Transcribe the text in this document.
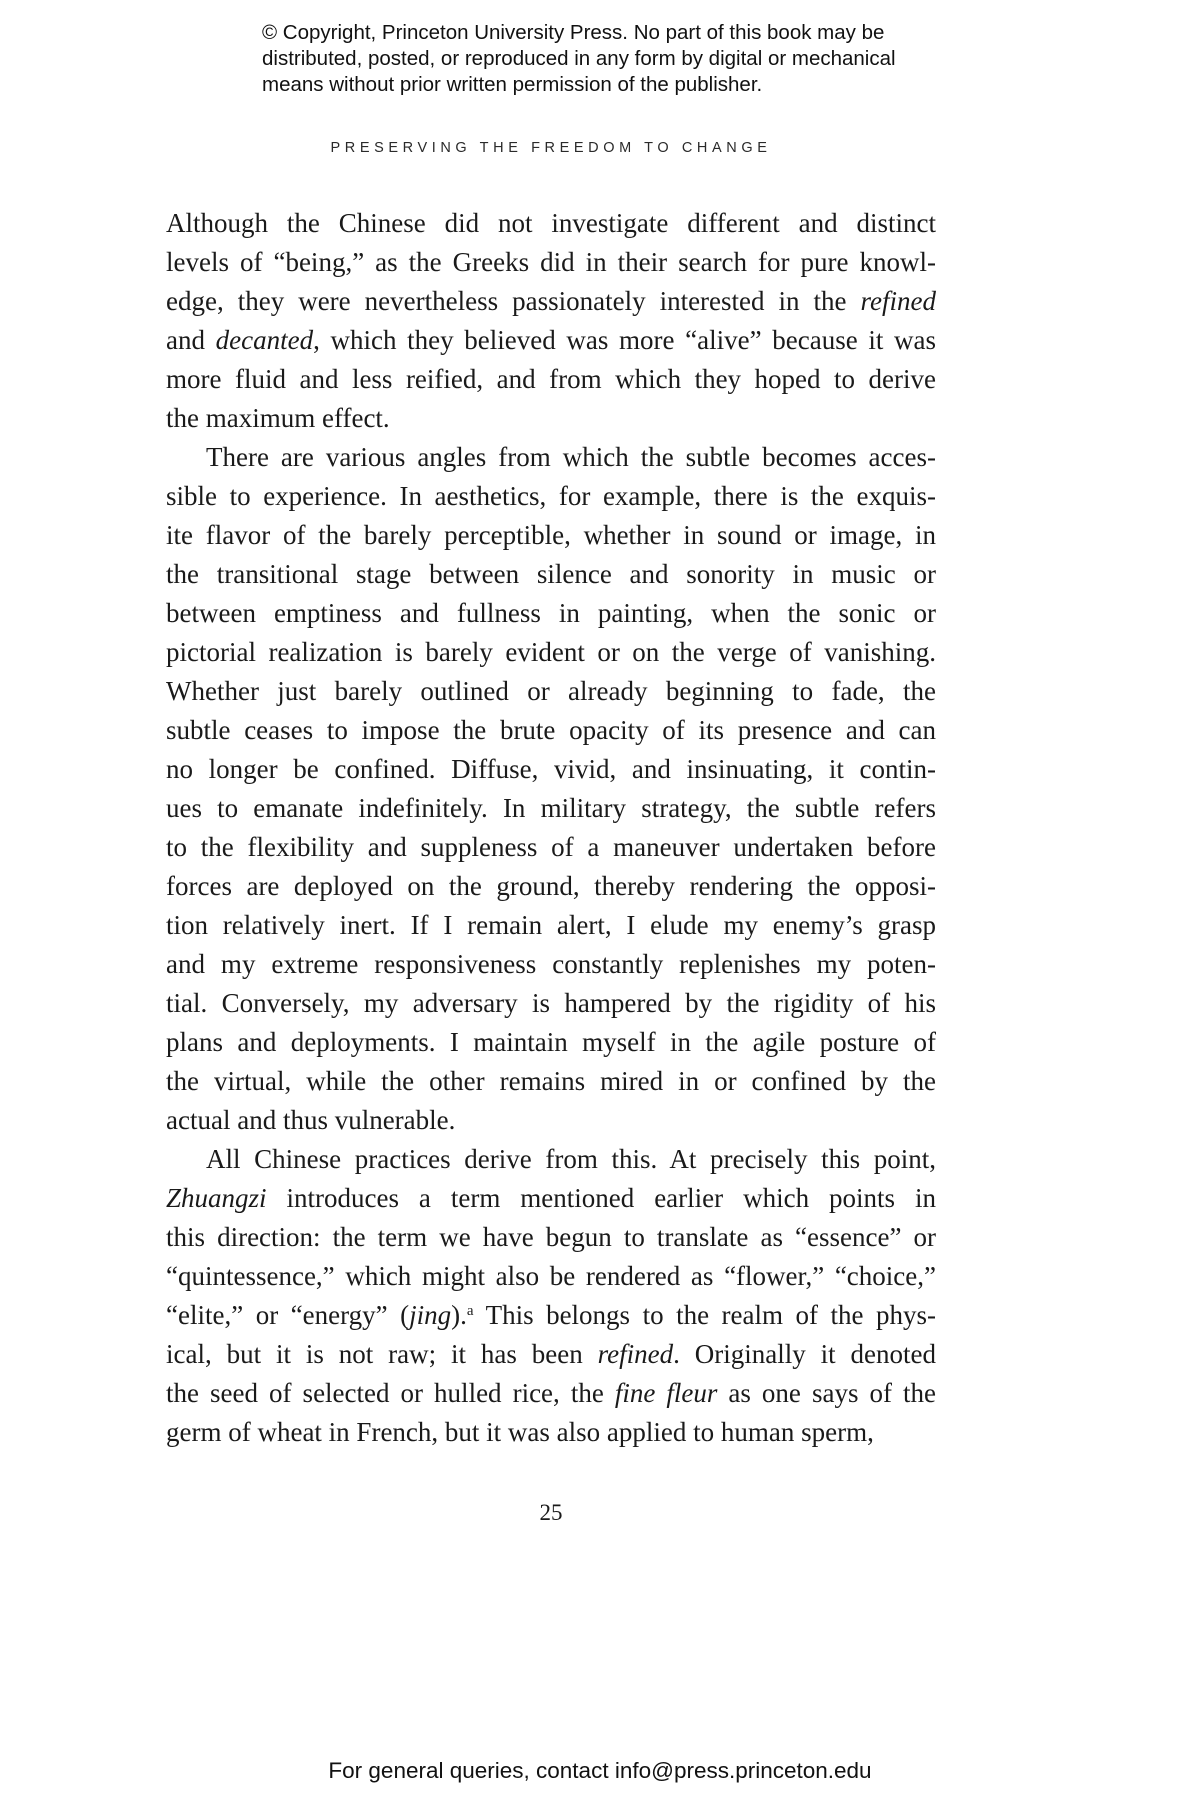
© Copyright, Princeton University Press. No part of this book may be
distributed, posted, or reproduced in any form by digital or mechanical
means without prior written permission of the publisher.
PRESERVING THE FREEDOM TO CHANGE
Although the Chinese did not investigate different and distinct
levels of “being,” as the Greeks did in their search for pure knowl-
edge, they were nevertheless passionately interested in the refined
and decanted, which they believed was more “alive” because it was
more fluid and less reified, and from which they hoped to derive
the maximum effect.
There are various angles from which the subtle becomes acces-
sible to experience. In aesthetics, for example, there is the exquis-
ite flavor of the barely perceptible, whether in sound or image, in
the transitional stage between silence and sonority in music or
between emptiness and fullness in painting, when the sonic or
pictorial realization is barely evident or on the verge of vanishing.
Whether just barely outlined or already beginning to fade, the
subtle ceases to impose the brute opacity of its presence and can
no longer be confined. Diffuse, vivid, and insinuating, it contin-
ues to emanate indefinitely. In military strategy, the subtle refers
to the flexibility and suppleness of a maneuver undertaken before
forces are deployed on the ground, thereby rendering the opposi-
tion relatively inert. If I remain alert, I elude my enemy’s grasp
and my extreme responsiveness constantly replenishes my poten-
tial. Conversely, my adversary is hampered by the rigidity of his
plans and deployments. I maintain myself in the agile posture of
the virtual, while the other remains mired in or confined by the
actual and thus vulnerable.
All Chinese practices derive from this. At precisely this point,
Zhuangzi introduces a term mentioned earlier which points in
this direction: the term we have begun to translate as “essence” or
“quintessence,” which might also be rendered as “flower,” “choice,”
“elite,” or “energy” (jing).$^a$ This belongs to the realm of the phys-
ical, but it is not raw; it has been refined. Originally it denoted
the seed of selected or hulled rice, the fine fleur as one says of the
germ of wheat in French, but it was also applied to human sperm,
25
For general queries, contact info@press.princeton.edu
